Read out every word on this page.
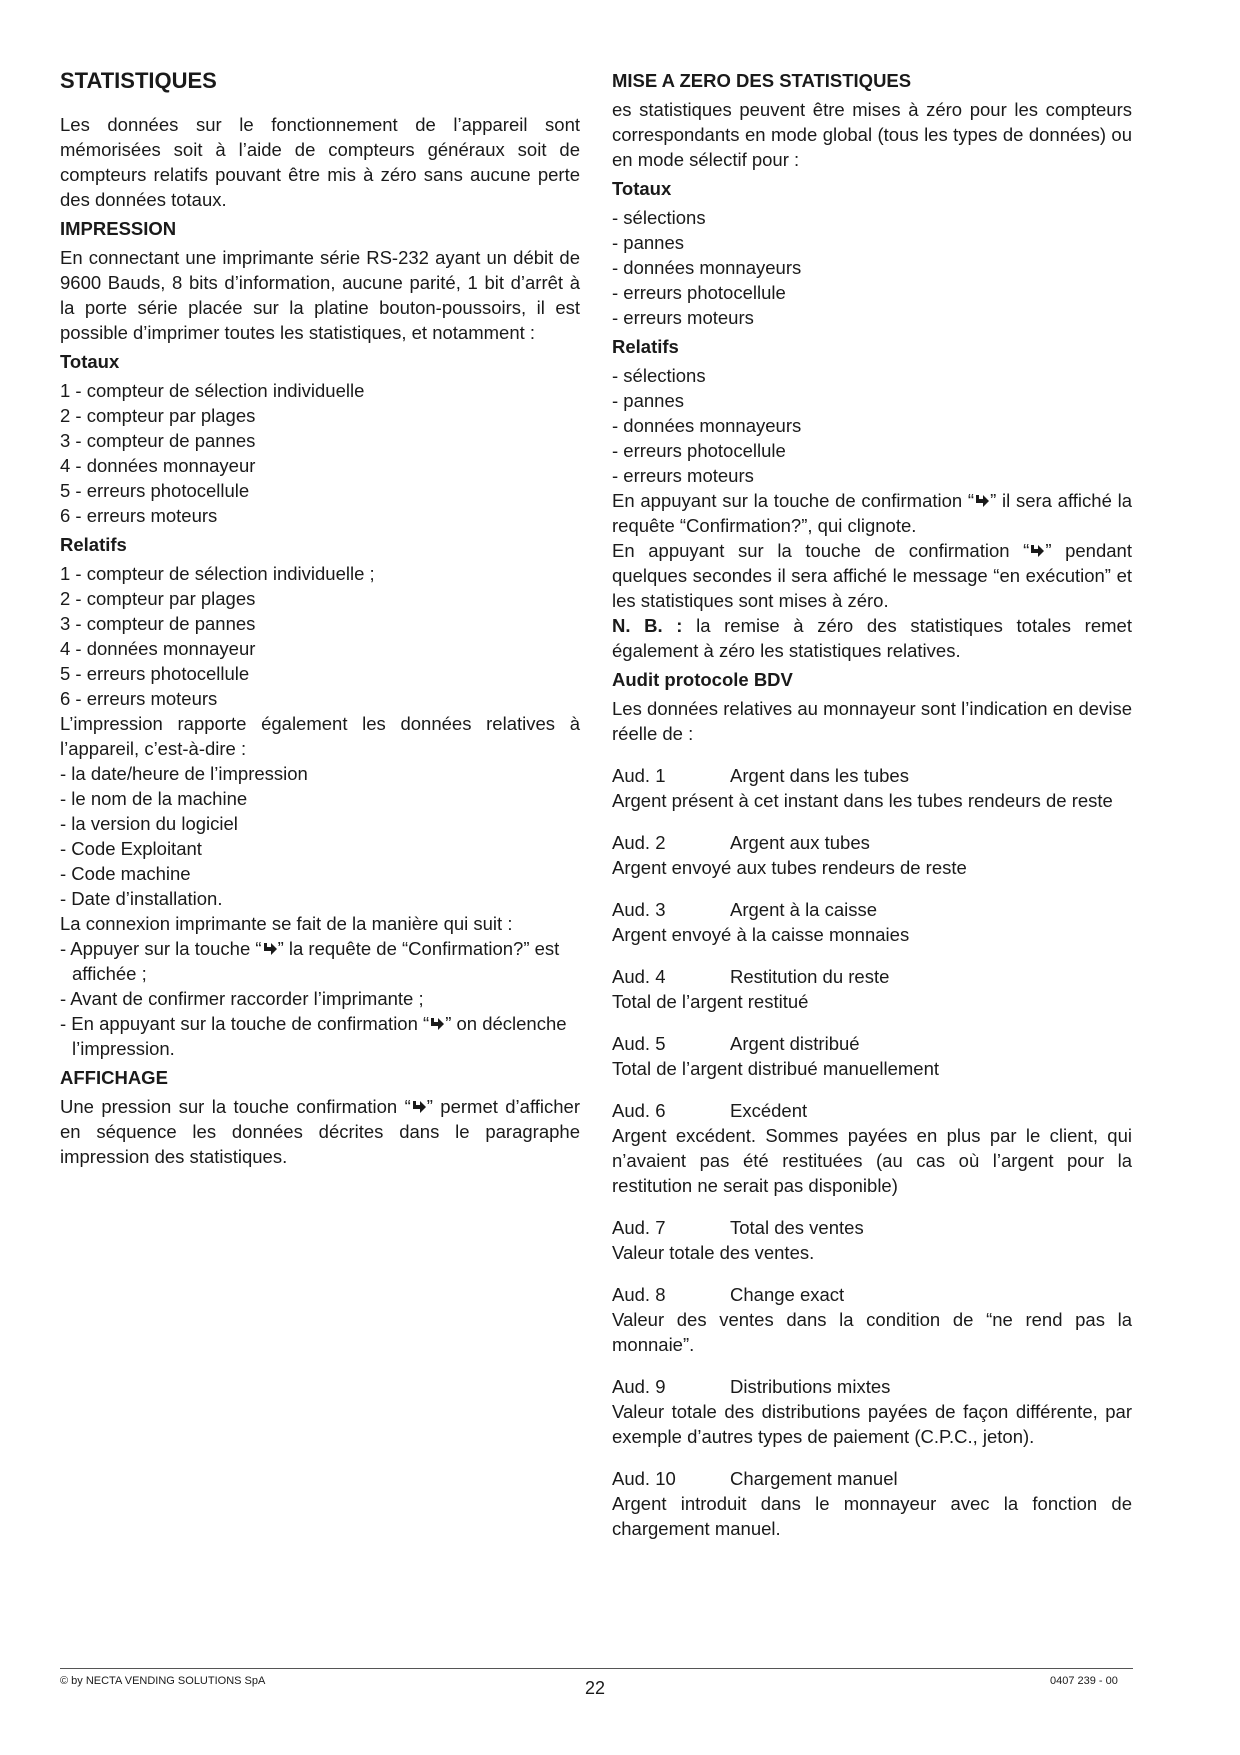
STATISTIQUES
Les données sur le fonctionnement de l’appareil sont mémorisées soit à l’aide de compteurs généraux soit de compteurs relatifs pouvant être mis à zéro sans aucune perte des données totaux.
IMPRESSION
En connectant une imprimante série RS-232 ayant un débit de 9600 Bauds, 8 bits d’information, aucune parité, 1 bit d’arrêt à la porte série placée sur la platine bouton-poussoirs, il est possible d’imprimer toutes les statistiques, et notamment :
Totaux
1 - compteur de sélection individuelle
2 - compteur par plages
3 - compteur de pannes
4 - données monnayeur
5 - erreurs photocellule
6 - erreurs moteurs
Relatifs
1 - compteur de sélection individuelle ;
2 - compteur par plages
3 - compteur de pannes
4 - données monnayeur
5 - erreurs photocellule
6 - erreurs moteurs
L’impression rapporte également les données relatives à l’appareil, c’est-à-dire :
- la date/heure de l’impression
- le nom de la machine
- la version du logiciel
- Code Exploitant
- Code machine
- Date d’installation.
La connexion imprimante se fait de la manière qui suit :
- Appuyer sur la touche “ ” la requête de “Confirmation?” est affichée ;
- Avant de confirmer raccorder l’imprimante ;
- En appuyant sur la touche de confirmation “ ” on déclenche l’impression.
AFFICHAGE
Une pression sur la touche confirmation “ ” permet d’afficher en séquence les données décrites dans le paragraphe impression des statistiques.
MISE A ZERO DES STATISTIQUES
es statistiques peuvent être mises à zéro pour les compteurs correspondants en mode global (tous les types de données) ou en mode sélectif pour :
Totaux
- sélections
- pannes
- données monnayeurs
- erreurs photocellule
- erreurs moteurs
Relatifs
- sélections
- pannes
- données monnayeurs
- erreurs photocellule
- erreurs moteurs
En appuyant sur la touche de confirmation “ ” il sera affiché la requête “Confirmation?”, qui clignote.
En appuyant sur la touche de confirmation “ ” pendant quelques secondes il sera affiché le message “en exécution” et les statistiques sont mises à zéro.
N. B. : la remise à zéro des statistiques totales remet également à zéro les statistiques relatives.
Audit protocole BDV
Les données relatives au monnayeur sont l’indication en devise réelle de :
Aud. 1	Argent dans les tubes
Argent présent à cet instant dans les tubes rendeurs de reste
Aud. 2	Argent aux tubes
Argent envoyé aux tubes rendeurs de reste
Aud. 3	Argent à la caisse
Argent envoyé à la caisse monnaies
Aud. 4	Restitution du reste
Total de l’argent restitué
Aud. 5	Argent distribué
Total de l’argent distribué manuellement
Aud. 6	Excédent
Argent excédent. Sommes payées en plus par le client, qui n’avaient pas été restituées (au cas où l’argent pour la restitution ne serait pas disponible)
Aud. 7	Total des ventes
Valeur totale des ventes.
Aud. 8	Change exact
Valeur des ventes dans la condition de “ne rend pas la monnaie”.
Aud. 9	Distributions mixtes
Valeur totale des distributions payées de façon différente, par exemple d’autres types de paiement (C.P.C., jeton).
Aud. 10	Chargement manuel
Argent introduit dans le monnayeur avec la fonction de chargement manuel.
© by NECTA VENDING SOLUTIONS SpA	22	0407 239 - 00
